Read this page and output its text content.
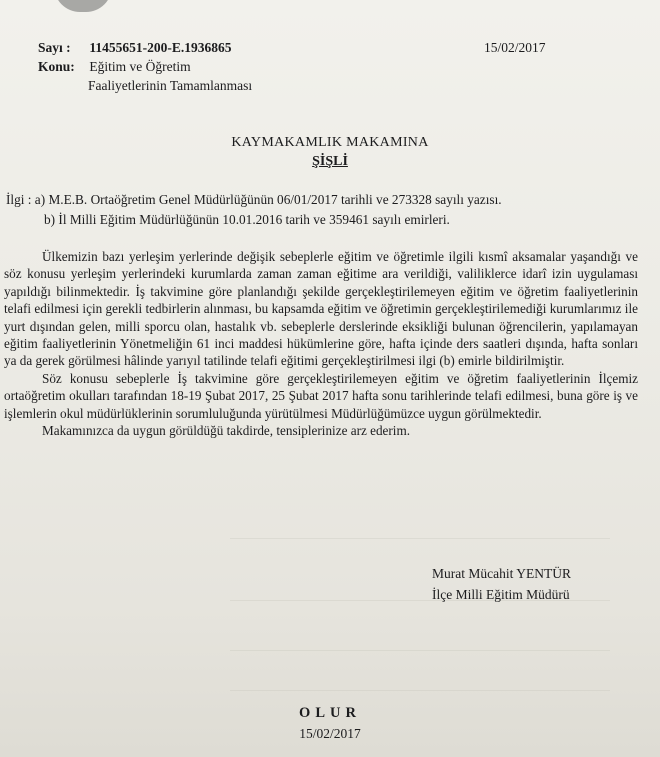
Sayı : 11455651-200-E.1936865
Konu: Eğitim ve Öğretim
Faaliyetlerinin Tamamlanması
15/02/2017
KAYMAKAMLIK MAKAMINA
ŞİŞLİ
İlgi : a) M.E.B. Ortaöğretim Genel Müdürlüğünün 06/01/2017 tarihli ve 273328 sayılı yazısı.
b) İl Milli Eğitim Müdürlüğünün 10.01.2016 tarih ve 359461 sayılı emirleri.

Ülkemizin bazı yerleşim yerlerinde değişik sebeplerle eğitim ve öğretimle ilgili kısmî aksamalar yaşandığı ve söz konusu yerleşim yerlerindeki kurumlarda zaman zaman eğitime ara verildiği, valiliklerce idarî izin uygulaması yapıldığı bilinmektedir. İş takvimine göre planlandığı şekilde gerçekleştirilemeyen eğitim ve öğretim faaliyetlerinin telafi edilmesi için gerekli tedbirlerin alınması, bu kapsamda eğitim ve öğretimin gerçekleştirilemediği kurumlarımız ile yurt dışından gelen, milli sporcu olan, hastalık vb. sebeplerle derslerinde eksikliği bulunan öğrencilerin, yapılamayan eğitim faaliyetlerinin Yönetmeliğin 61 inci maddesi hükümlerine göre, hafta içinde ders saatleri dışında, hafta sonları ya da gerek görülmesi hâlinde yarıyıl tatilinde telafi eğitimi gerçekleştirilmesi ilgi (b) emirle bildirilmiştir.

Söz konusu sebeplerle İş takvimine göre gerçekleştirilemeyen eğitim ve öğretim faaliyetlerinin İlçemiz ortaöğretim okulları tarafından 18-19 Şubat 2017, 25 Şubat 2017 hafta sonu tarihlerinde telafi edilmesi, buna göre iş ve işlemlerin okul müdürlüklerinin sorumluluğunda yürütülmesi Müdürlüğümüzce uygun görülmektedir.

Makamınızca da uygun görüldüğü takdirde, tensiplerinize arz ederim.

Murat Mücahit YENTÜR
İlçe Milli Eğitim Müdürü
OLUR
15/02/2017
